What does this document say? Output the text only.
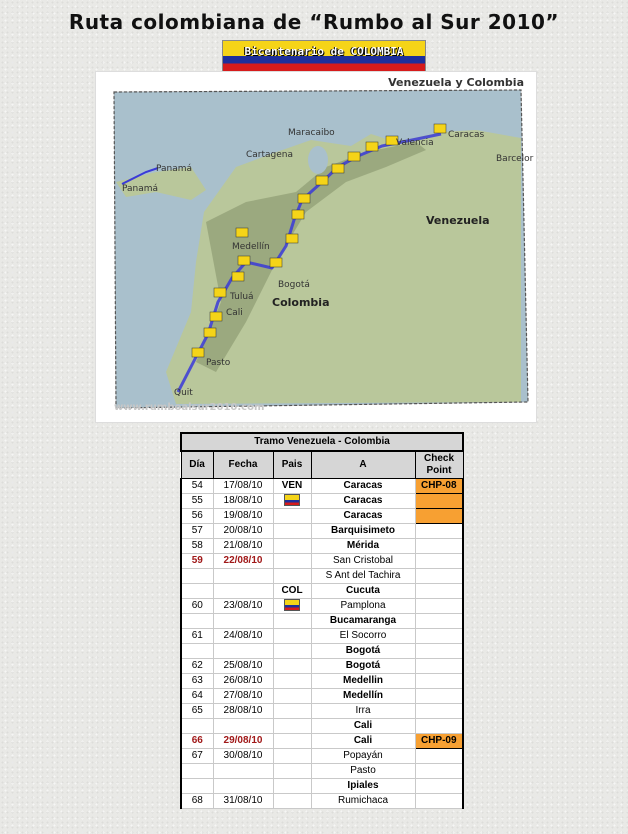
Ruta colombiana de “Rumbo al Sur 2010”
Bicentenario de COLOMBIA
Venezuela y Colombia
Maracaibo
Cartagena
Panamá
Panamá
Valencia
Caracas
Barcelor
Venezuela
Medellín
Bogotá
Colombia
Tuluá
Cali
Pasto
Quit
www.rumboalsur2010.com
Tramo Venezuela - Colombia				
Día	Fecha	Pais	A	Check Point
54	17/08/10	VEN	Caracas	CHP-08
55	18/08/10		Caracas	
56	19/08/10		Caracas	
57	20/08/10		Barquisimeto	
58	21/08/10		Mérida	
59	22/08/10		San Cristobal	
			S Ant del Tachira	
		COL	Cucuta	
60	23/08/10		Pamplona	
			Bucamaranga	
61	24/08/10		El Socorro	
			Bogotá	
62	25/08/10		Bogotá	
63	26/08/10		Medellin	
64	27/08/10		Medellín	
65	28/08/10		Irra	
			Cali	
66	29/08/10		Cali	CHP-09
67	30/08/10		Popayán	
			Pasto	
			Ipiales	
68	31/08/10		Rumichaca	
